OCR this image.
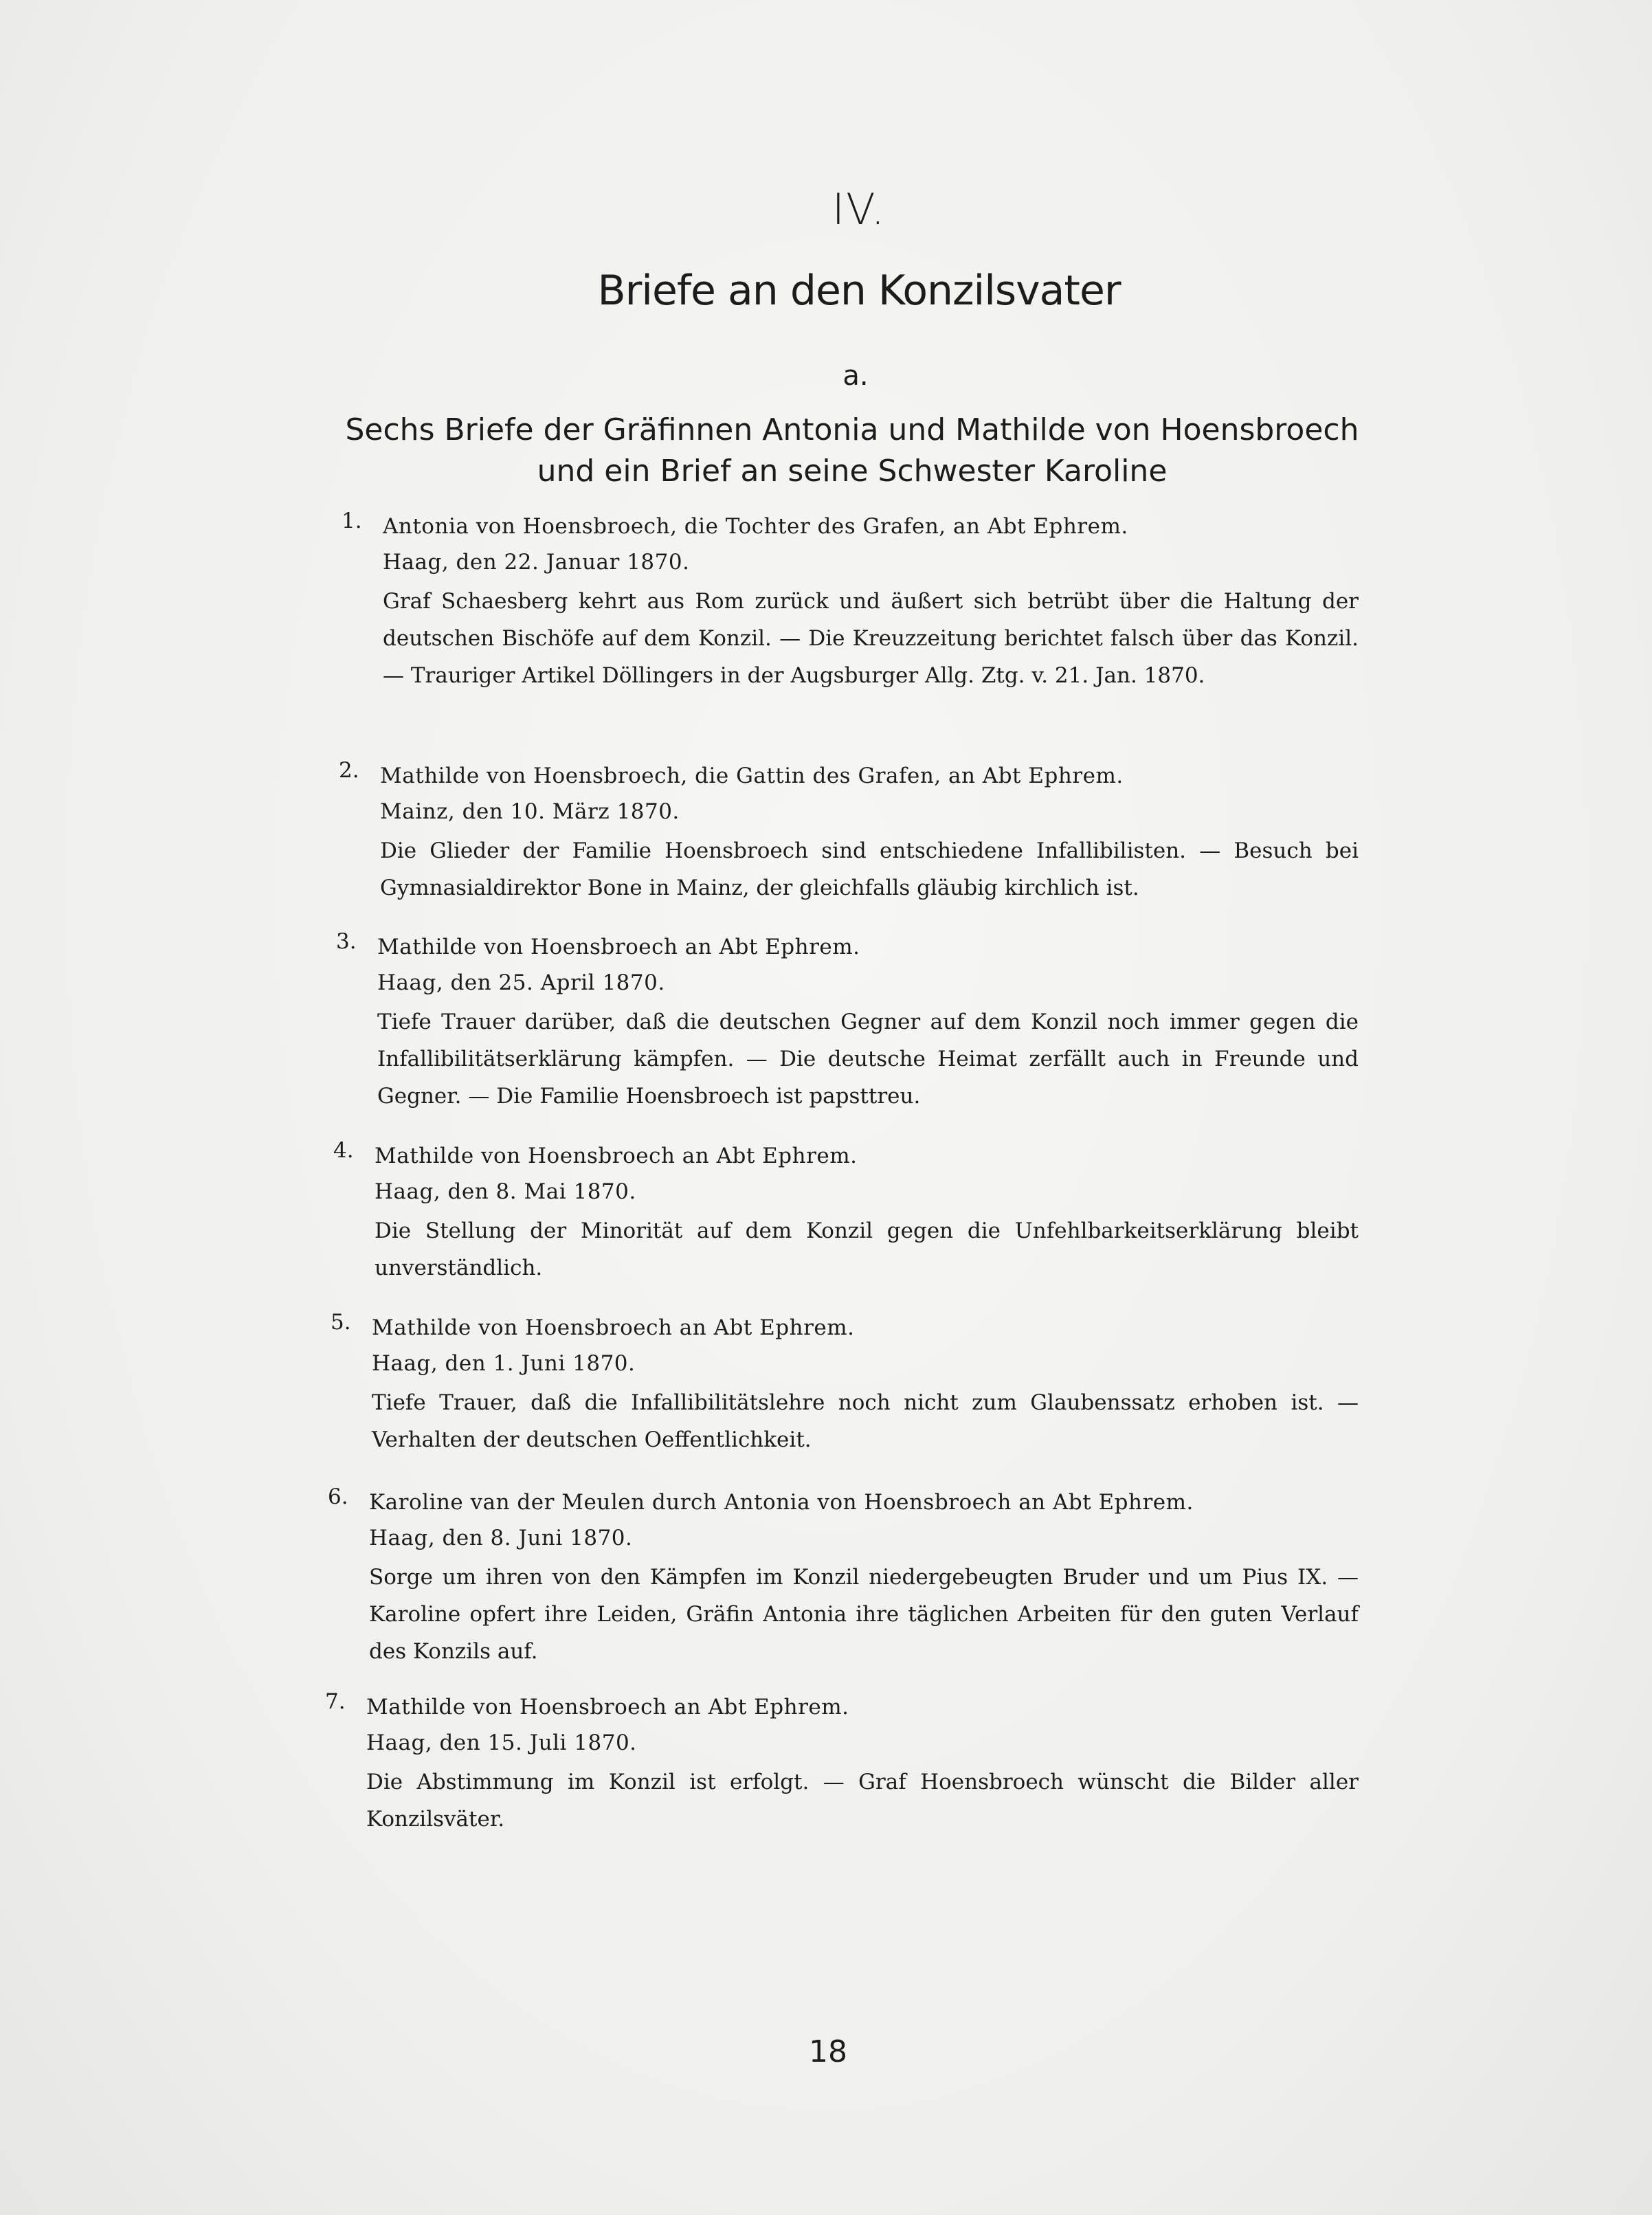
IV.
Briefe an den Konzilsvater
a.
Sechs Briefe der Gräfinnen Antonia und Mathilde von Hoensbroech
und ein Brief an seine Schwester Karoline
1. Antonia von Hoensbroech, die Tochter des Grafen, an Abt Ephrem.
Haag, den 22. Januar 1870.
Graf Schaesberg kehrt aus Rom zurück und äußert sich betrübt über die Haltung der deutschen Bischöfe auf dem Konzil. — Die Kreuzzeitung berichtet falsch über das Konzil. — Trauriger Artikel Döllingers in der Augsburger Allg. Ztg. v. 21. Jan. 1870.
2. Mathilde von Hoensbroech, die Gattin des Grafen, an Abt Ephrem.
Mainz, den 10. März 1870.
Die Glieder der Familie Hoensbroech sind entschiedene Infallibilisten. — Besuch bei Gymnasialdirektor Bone in Mainz, der gleichfalls gläubig kirchlich ist.
3. Mathilde von Hoensbroech an Abt Ephrem.
Haag, den 25. April 1870.
Tiefe Trauer darüber, daß die deutschen Gegner auf dem Konzil noch immer gegen die Infallibilitätserklärung kämpfen. — Die deutsche Heimat zerfällt auch in Freunde und Gegner. — Die Familie Hoensbroech ist papsttreu.
4. Mathilde von Hoensbroech an Abt Ephrem.
Haag, den 8. Mai 1870.
Die Stellung der Minorität auf dem Konzil gegen die Unfehlbarkeitserklärung bleibt unverständlich.
5. Mathilde von Hoensbroech an Abt Ephrem.
Haag, den 1. Juni 1870.
Tiefe Trauer, daß die Infallibilitätslehre noch nicht zum Glaubenssatz erhoben ist. — Verhalten der deutschen Oeffentlichkeit.
6. Karoline van der Meulen durch Antonia von Hoensbroech an Abt Ephrem.
Haag, den 8. Juni 1870.
Sorge um ihren von den Kämpfen im Konzil niedergebeugten Bruder und um Pius IX. — Karoline opfert ihre Leiden, Gräfin Antonia ihre täglichen Arbeiten für den guten Verlauf des Konzils auf.
7. Mathilde von Hoensbroech an Abt Ephrem.
Haag, den 15. Juli 1870.
Die Abstimmung im Konzil ist erfolgt. — Graf Hoensbroech wünscht die Bilder aller Konzilsväter.
18
